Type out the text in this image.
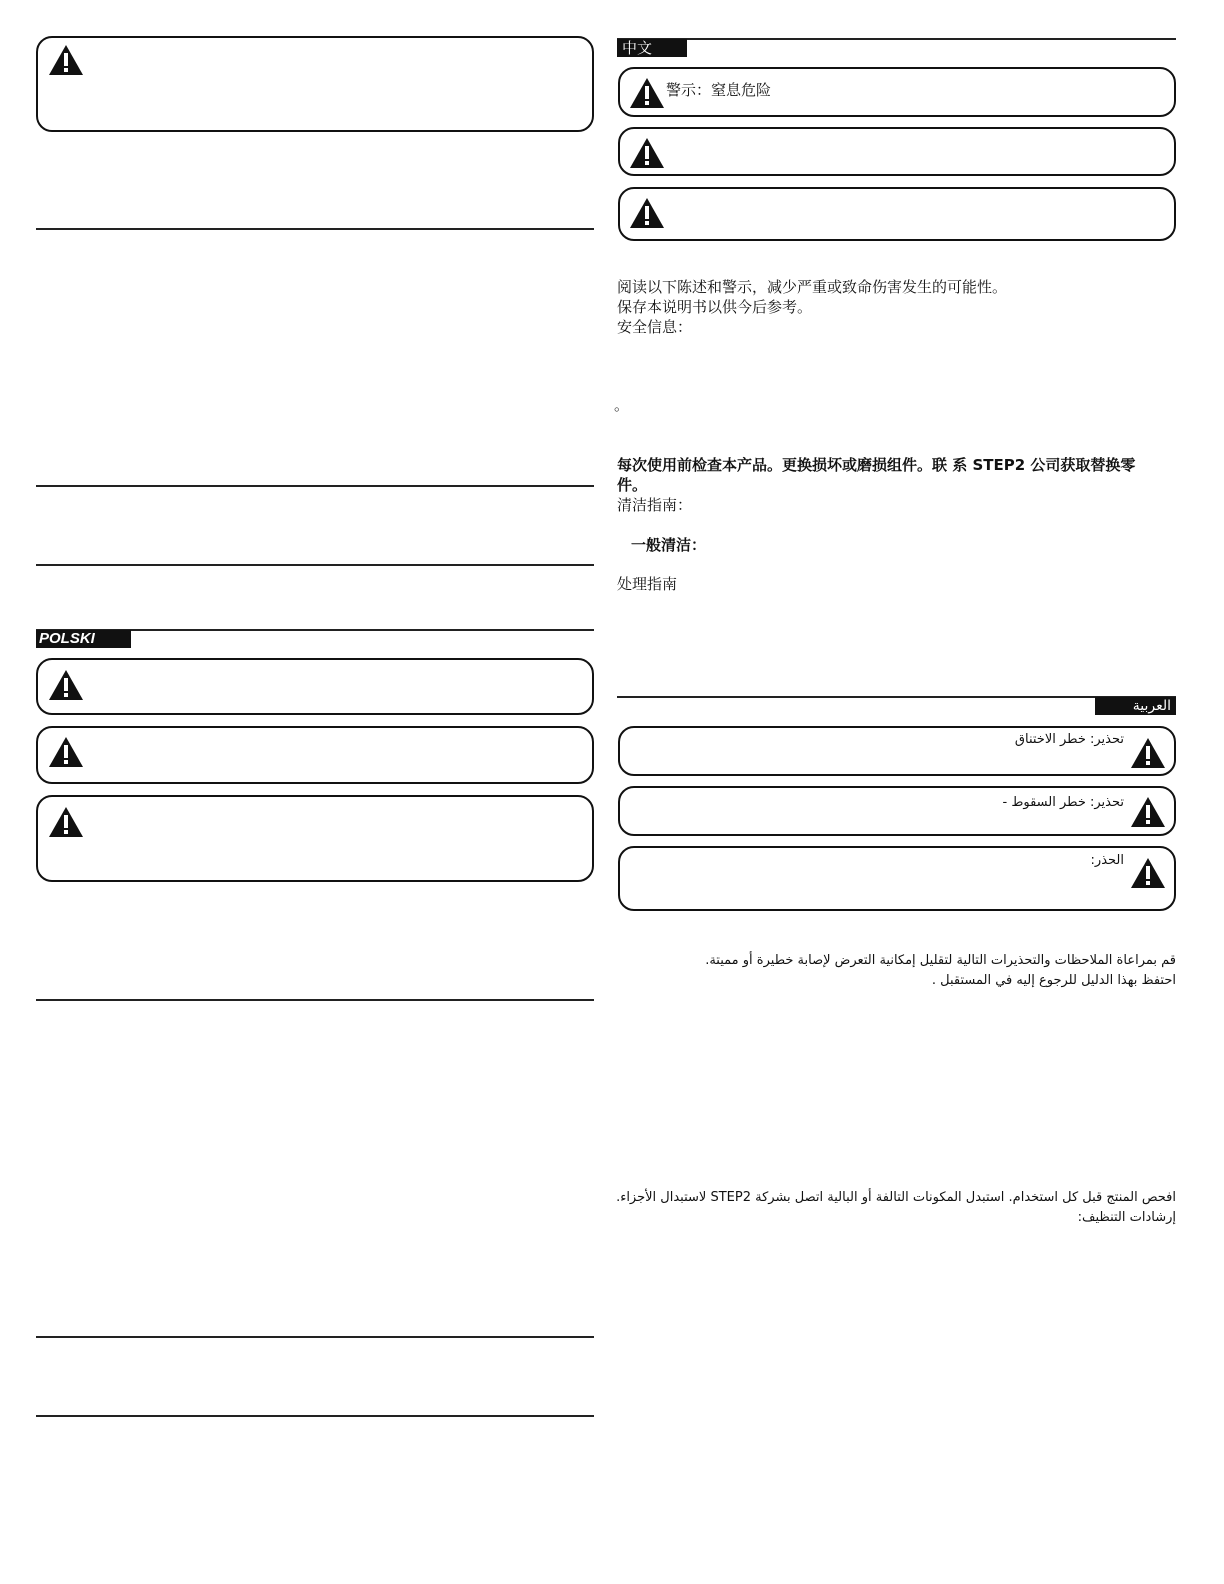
POLSKI
中文
警示：窒息危险
阅读以下陈述和警示，减少严重或致命伤害发生的可能性。
保存本说明书以供今后参考。
安全信息：
。
每次使用前检查本产品。更换损坏或磨损组件。联 系 STEP2 公司获取替换零
件。
清洁指南：
一般清洁：
处理指南
العربية
تحذير: خطر الاختناق
تحذير: خطر السقوط -
الحذر:
قم بمراعاة الملاحظات والتحذيرات التالية لتقليل إمكانية التعرض لإصابة خطيرة أو مميتة.
احتفظ بهذا الدليل للرجوع إليه في المستقبل .
افحص المنتج قبل كل استخدام. استبدل المكونات التالفة أو البالية اتصل بشركة STEP2 لاستبدال الأجزاء.
إرشادات التنظيف:
